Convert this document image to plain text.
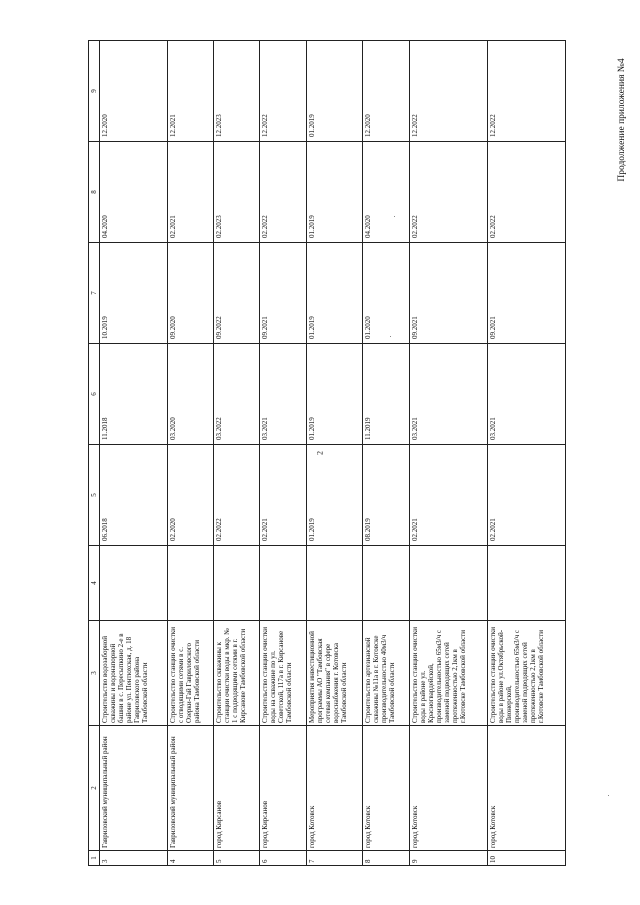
2
Продолжение приложения №4
1	2	3	4	5	6	7	8	9
3	Гавриловский муниципальный район	Строительство водозаборной скважины и водонапорной башни в с. Пересыпкино 2-е в районе ул. Пентюхская, д. 18 Гавриловского района Тамбовской области		06.2018	11.2018	10.2019	04.2020	12.2020
4	Гавриловский муниципальный район	Строительство станции очистки с отводящими сетями в с. Озерки-Гай Гавриловского района Тамбовской области		02.2020	03.2020	09.2020	02.2021	12.2021
5	город Кирсанов	Строительство скважины к станции очистки воды в мкр. № 1 с подводящими сетями в г. Кирсанове Тамбовской области		02.2022	03.2022	09.2022	02.2023	12.2023
6	город Кирсанов	Строительство станции очистки воды на скважине по ул. Советской, 117а в г. Кирсанове Тамбовской области		02.2021	03.2021	09.2021	02.2022	12.2022
7	город Котовск	Мероприятия инвестиционной программы АО "Тамбовская сетевая компания" в сфере водоснабжения г. Котовска Тамбовской области		01.2019	01.2019	01.2019	01.2019	01.2019
8	город Котовск	Строительство артезианской скважины №11а в г. Котовске производительностью 40м3/ч Тамбовской области		08.2019	11.2019	01.2020	04.2020	12.2020
9	город Котовск	Строительство станции очистки воды в районе ул. Красногвардейской, производительностью 65м3/ч с заменой подводящих сетей протяженностью 2,1км в г.Котовске Тамбовской области		02.2021	03.2021	09.2021	02.2022	12.2022
10	город Котовск	Строительство станции очистки воды в районе ул.Октябрьской-Пионерской, производительностью 65м3/ч с заменой подводящих сетей протяженностью 2,1км в г.Котовске Тамбовской области		02.2021	03.2021	09.2021	02.2022	12.2022
